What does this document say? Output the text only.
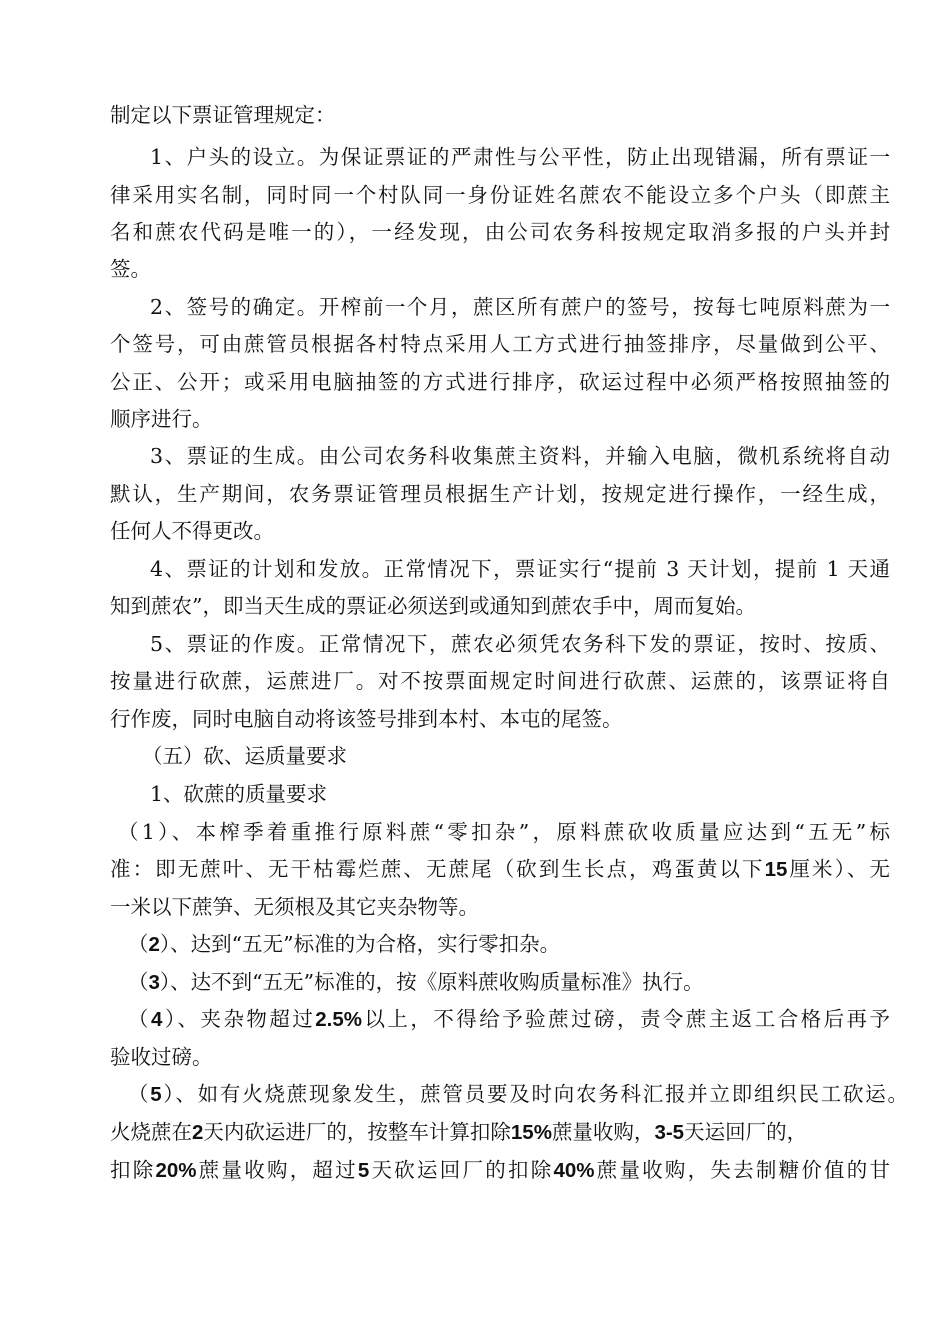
制定以下票证管理规定：
1、户头的设立。为保证票证的严肃性与公平性，防止出现错漏，所有票证一
律采用实名制，同时同一个村队同一身份证姓名蔗农不能设立多个户头（即蔗主
名和蔗农代码是唯一的），一经发现，由公司农务科按规定取消多报的户头并封
签。
2、签号的确定。开榨前一个月，蔗区所有蔗户的签号，按每七吨原料蔗为一
个签号，可由蔗管员根据各村特点采用人工方式进行抽签排序，尽量做到公平、
公正、公开；或采用电脑抽签的方式进行排序，砍运过程中必须严格按照抽签的
顺序进行。
3、票证的生成。由公司农务科收集蔗主资料，并输入电脑，微机系统将自动
默认，生产期间，农务票证管理员根据生产计划，按规定进行操作，一经生成，
任何人不得更改。
4、票证的计划和发放。正常情况下，票证实行“提前 3 天计划，提前 1 天通
知到蔗农”，即当天生成的票证必须送到或通知到蔗农手中，周而复始。
5、票证的作废。正常情况下，蔗农必须凭农务科下发的票证，按时、按质、
按量进行砍蔗，运蔗进厂。对不按票面规定时间进行砍蔗、运蔗的，该票证将自
行作废，同时电脑自动将该签号排到本村、本屯的尾签。
（五）砍、运质量要求
1、砍蔗的质量要求
（1）、本榨季着重推行原料蔗“零扣杂”，原料蔗砍收质量应达到“五无”标
准：即无蔗叶、无干枯霉烂蔗、无蔗尾（砍到生长点，鸡蛋黄以下15厘米）、无
一米以下蔗笋、无须根及其它夹杂物等。
（2）、达到“五无”标准的为合格，实行零扣杂。
（3）、达不到“五无”标准的，按《原料蔗收购质量标准》执行。
（4）、夹杂物超过2.5%以上，不得给予验蔗过磅，责令蔗主返工合格后再予
验收过磅。
（5）、如有火烧蔗现象发生，蔗管员要及时向农务科汇报并立即组织民工砍运。
火烧蔗在2天内砍运进厂的，按整车计算扣除15%蔗量收购，3-5天运回厂的，
扣除20%蔗量收购，超过5天砍运回厂的扣除40%蔗量收购，失去制糖价值的甘
